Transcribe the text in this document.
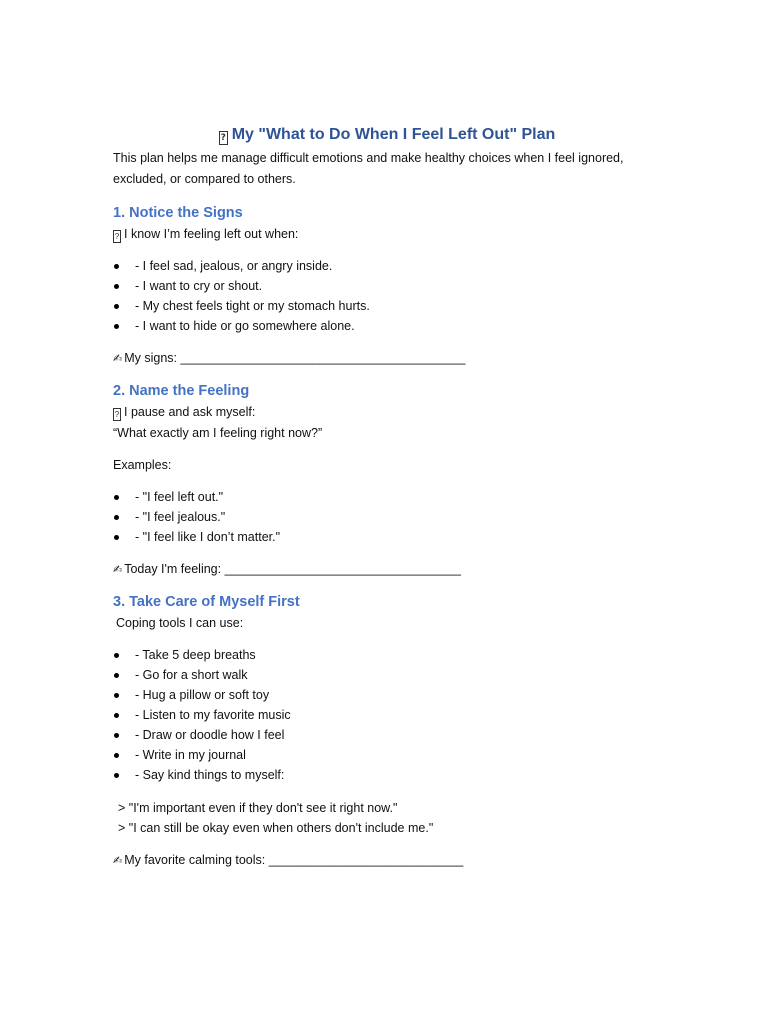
? My "What to Do When I Feel Left Out" Plan

This plan helps me manage difficult emotions and make healthy choices when I feel ignored,

excluded, or compared to others.

1. Notice the Signs

? I know I’m feeling left out when:

- I feel sad, jealous, or angry inside.
- I want to cry or shout.
- My chest feels tight or my stomach hurts.
- I want to hide or go somewhere alone.

✍ My signs: _________________________________________

2. Name the Feeling

? I pause and ask myself:

“What exactly am I feeling right now?”

Examples:

- "I feel left out."
- "I feel jealous."
- "I feel like I don’t matter."

✍ Today I'm feeling: __________________________________

3. Take Care of Myself First

Coping tools I can use:

- Take 5 deep breaths
- Go for a short walk
- Hug a pillow or soft toy
- Listen to my favorite music
- Draw or doodle how I feel
- Write in my journal
- Say kind things to myself:
> "I'm important even if they don't see it right now."
> "I can still be okay even when others don't include me."

✍ My favorite calming tools: ____________________________
